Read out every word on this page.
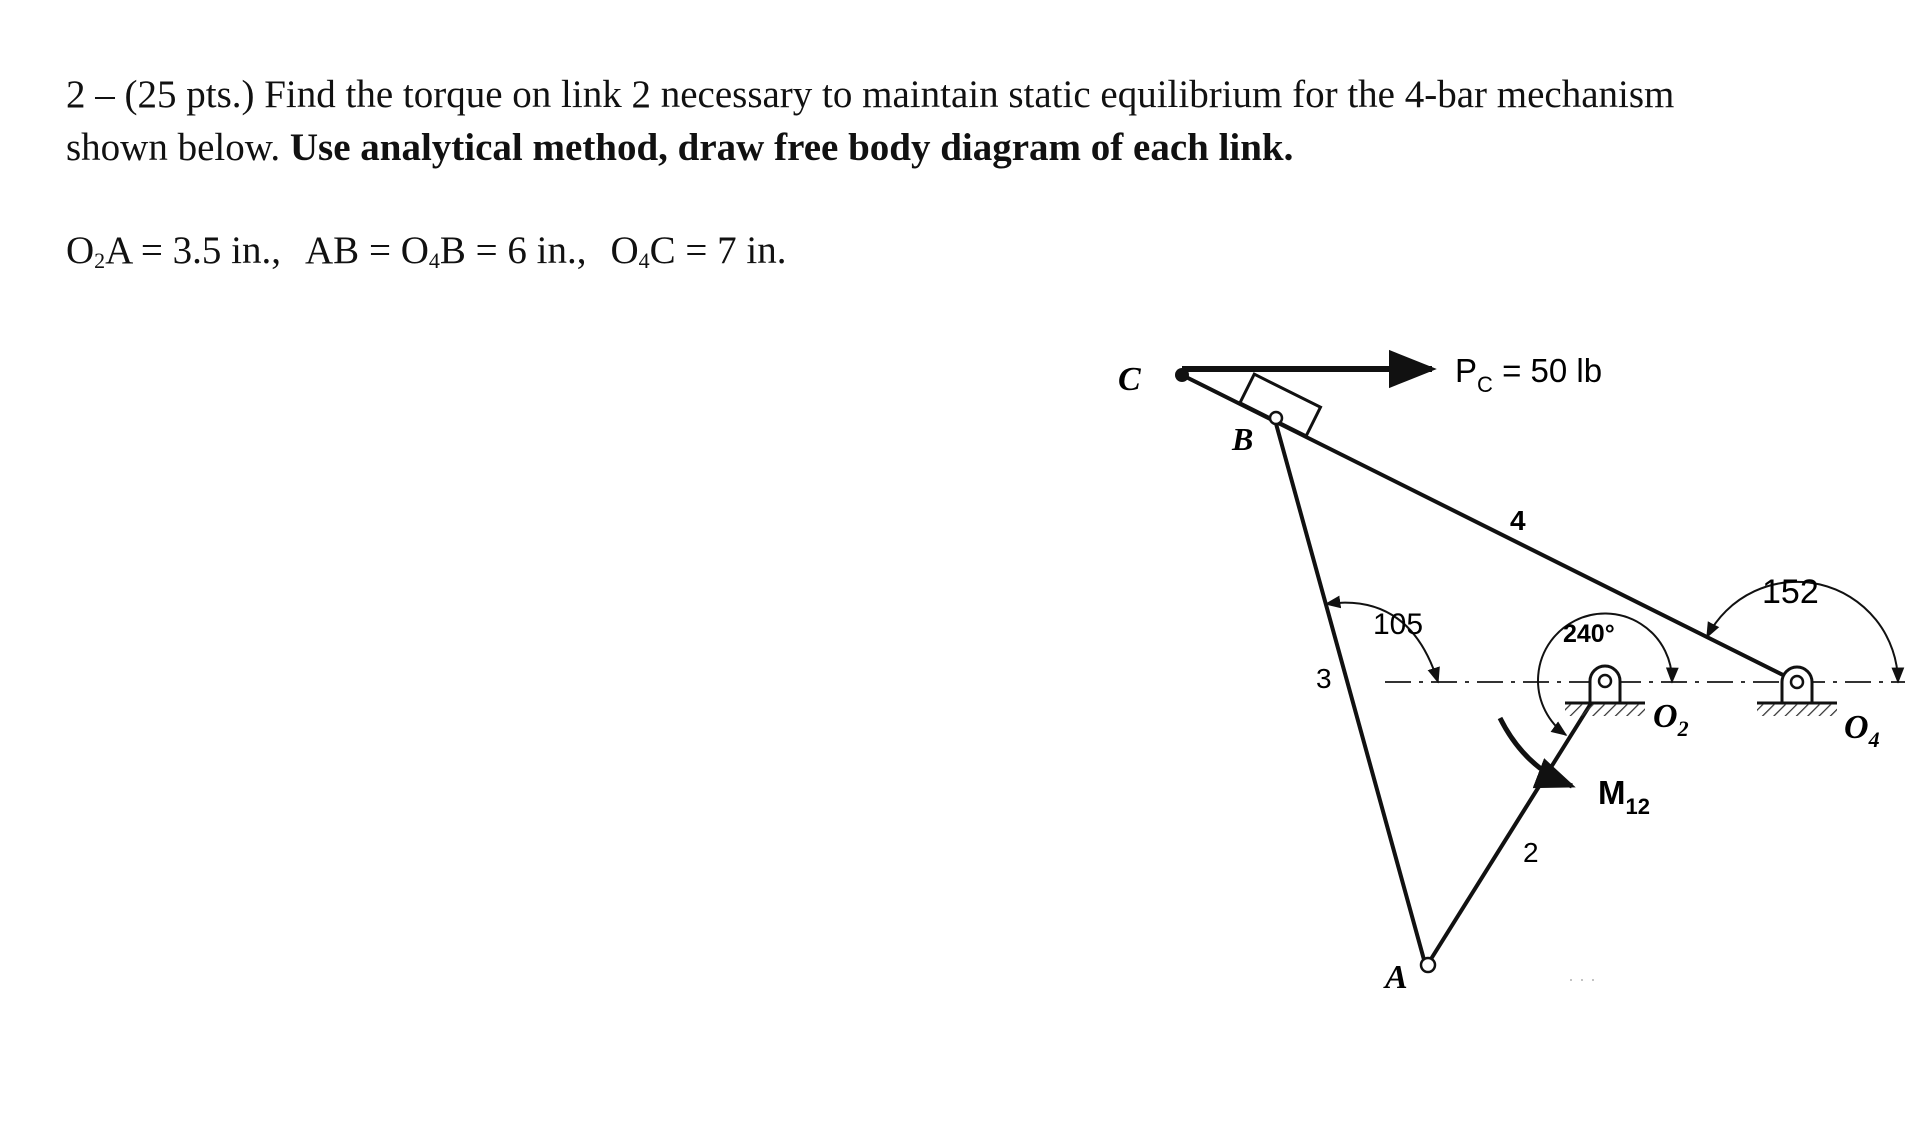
2 – (25 pts.) Find the torque on link 2 necessary to maintain static equilibrium for the 4-bar mechanism
shown below. Use analytical method, draw free body diagram of each link.
$O_2A = 3.5$ in., AB = $O_4B = 6$ in., $O_4C = 7$ in.
· · ·
C
B
A
$P_C = 50$ lb
4
3
2
105	240°
152
$O_2$	$O_4$
$M_{12}$
